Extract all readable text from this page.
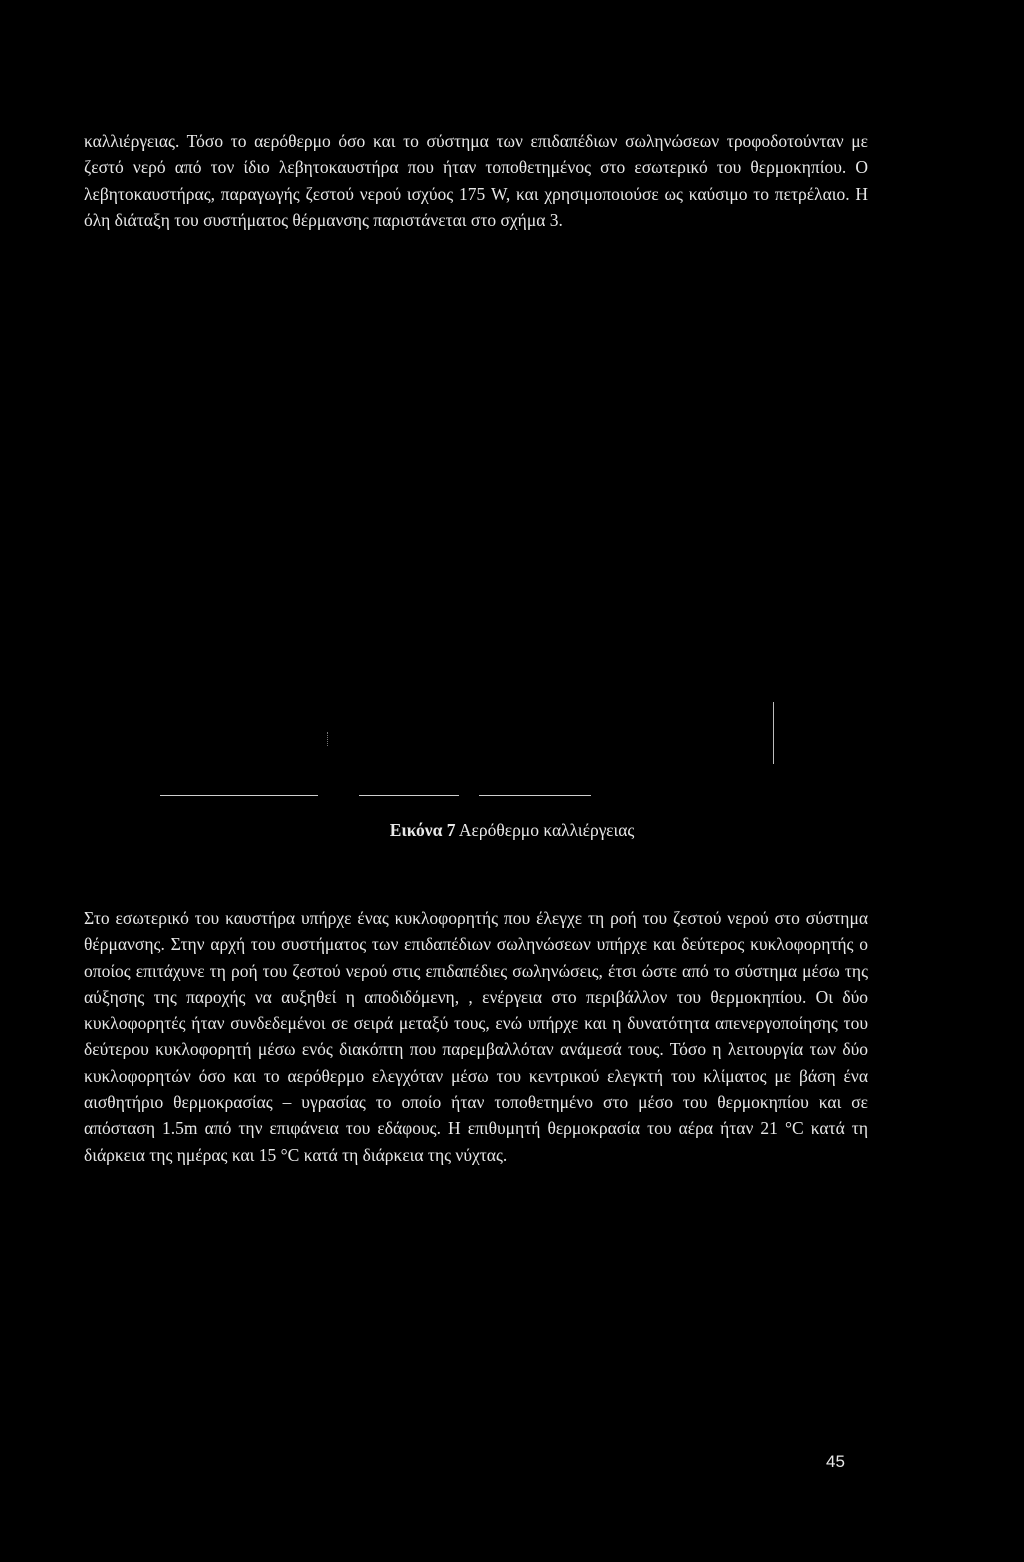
καλλιέργειας. Τόσο το αερόθερμο όσο και το σύστημα των επιδαπέδιων σωληνώσεων τροφοδοτούνταν με ζεστό νερό από τον ίδιο λεβητοκαυστήρα που ήταν τοποθετημένος στο εσωτερικό του θερμοκηπίου. Ο λεβητοκαυστήρας, παραγωγής ζεστού νερού ισχύος 175 W, και χρησιμοποιούσε ως καύσιμο το πετρέλαιο. Η όλη διάταξη του συστήματος θέρμανσης παριστάνεται στο σχήμα 3.

Εικόνα 7 Αερόθερμο καλλιέργειας

Στο εσωτερικό του καυστήρα υπήρχε ένας κυκλοφορητής που έλεγχε τη ροή του ζεστού νερού στο σύστημα θέρμανσης. Στην αρχή του συστήματος των επιδαπέδιων σωληνώσεων υπήρχε και δεύτερος κυκλοφορητής ο οποίος επιτάχυνε τη ροή του ζεστού νερού στις επιδαπέδιες σωληνώσεις, έτσι ώστε από το σύστημα μέσω της αύξησης της παροχής να αυξηθεί η αποδιδόμενη, , ενέργεια στο περιβάλλον του θερμοκηπίου. Οι δύο κυκλοφορητές ήταν συνδεδεμένοι σε σειρά μεταξύ τους, ενώ υπήρχε και η δυνατότητα απενεργοποίησης του δεύτερου κυκλοφορητή μέσω ενός διακόπτη που παρεμβαλλόταν ανάμεσά τους. Τόσο η λειτουργία των δύο κυκλοφορητών όσο και το αερόθερμο ελεγχόταν μέσω του κεντρικού ελεγκτή του κλίματος με βάση ένα αισθητήριο θερμοκρασίας – υγρασίας το οποίο ήταν τοποθετημένο στο μέσο του θερμοκηπίου και σε απόσταση 1.5m από την επιφάνεια του εδάφους. Η επιθυμητή θερμοκρασία του αέρα ήταν 21 °C κατά τη διάρκεια της ημέρας και 15 °C κατά τη διάρκεια της νύχτας.

45
